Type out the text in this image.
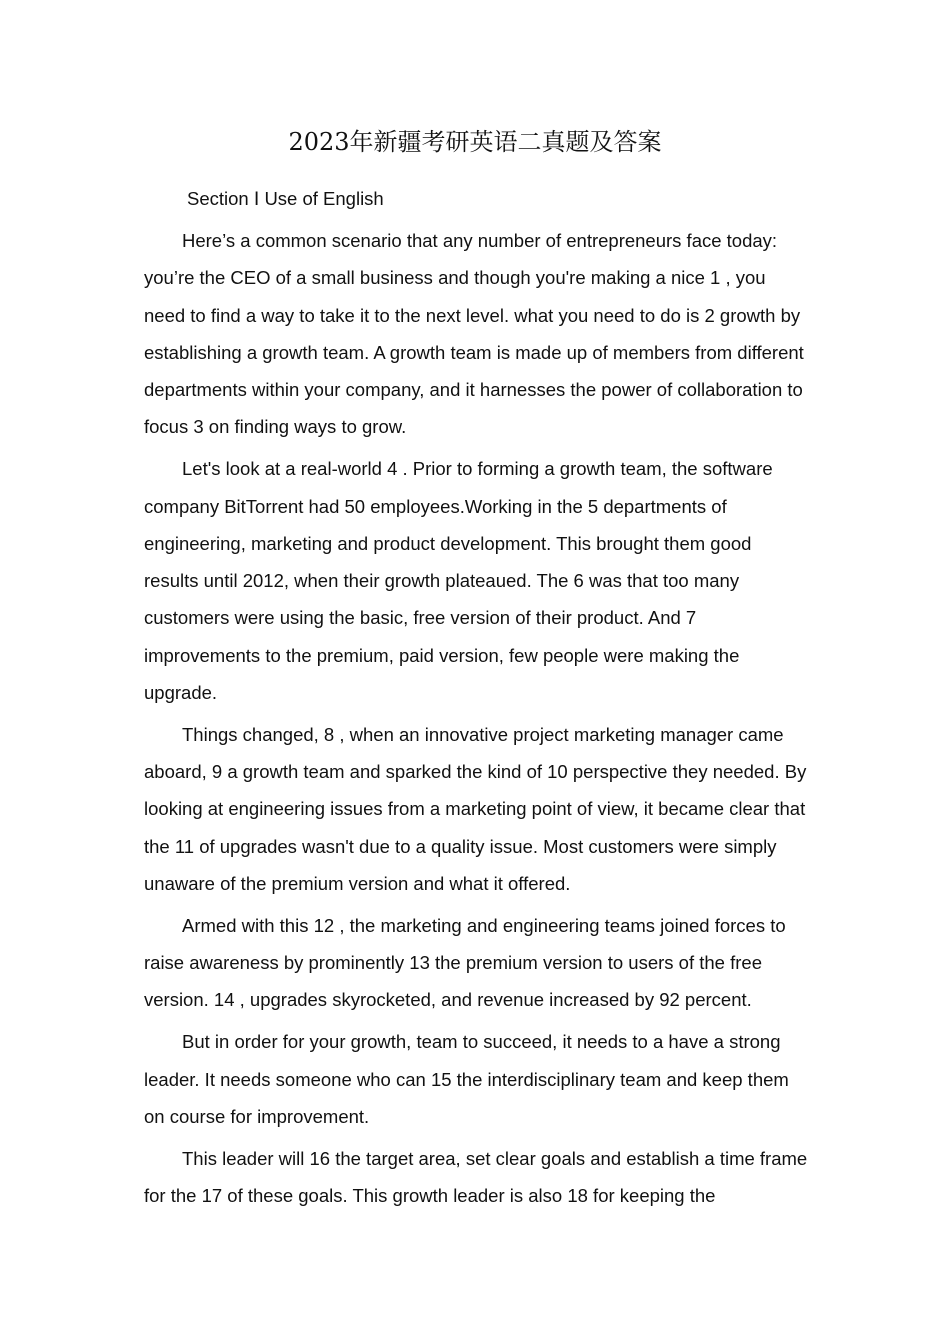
2023年新疆考研英语二真题及答案
Section Ⅰ Use of English

Here’s a common scenario that any number of entrepreneurs face today: you’re the CEO of a small business and though you're making a nice 1 , you need to find a way to take it to the next level. what you need to do is 2 growth by establishing a growth team. A growth team is made up of members from different departments within your company, and it harnesses the power of collaboration to focus 3 on finding ways to grow.

Let's look at a real-world 4 . Prior to forming a growth team, the software company BitTorrent had 50 employees.Working in the 5 departments of engineering, marketing and product development. This brought them good results until 2012, when their growth plateaued. The 6 was that too many customers were using the basic, free version of their product. And 7 improvements to the premium, paid version, few people were making the upgrade.

Things changed, 8 , when an innovative project marketing manager came aboard, 9 a growth team and sparked the kind of 10 perspective they needed. By looking at engineering issues from a marketing point of view, it became clear that the 11 of upgrades wasn't due to a quality issue. Most customers were simply unaware of the premium version and what it offered.

Armed with this 12 , the marketing and engineering teams joined forces to raise awareness by prominently 13 the premium version to users of the free version. 14 , upgrades skyrocketed, and revenue increased by 92 percent.

But in order for your growth, team to succeed, it needs to a have a strong leader. It needs someone who can 15 the interdisciplinary team and keep them on course for improvement.

This leader will 16 the target area, set clear goals and establish a time frame for the 17 of these goals. This growth leader is also 18 for keeping the
